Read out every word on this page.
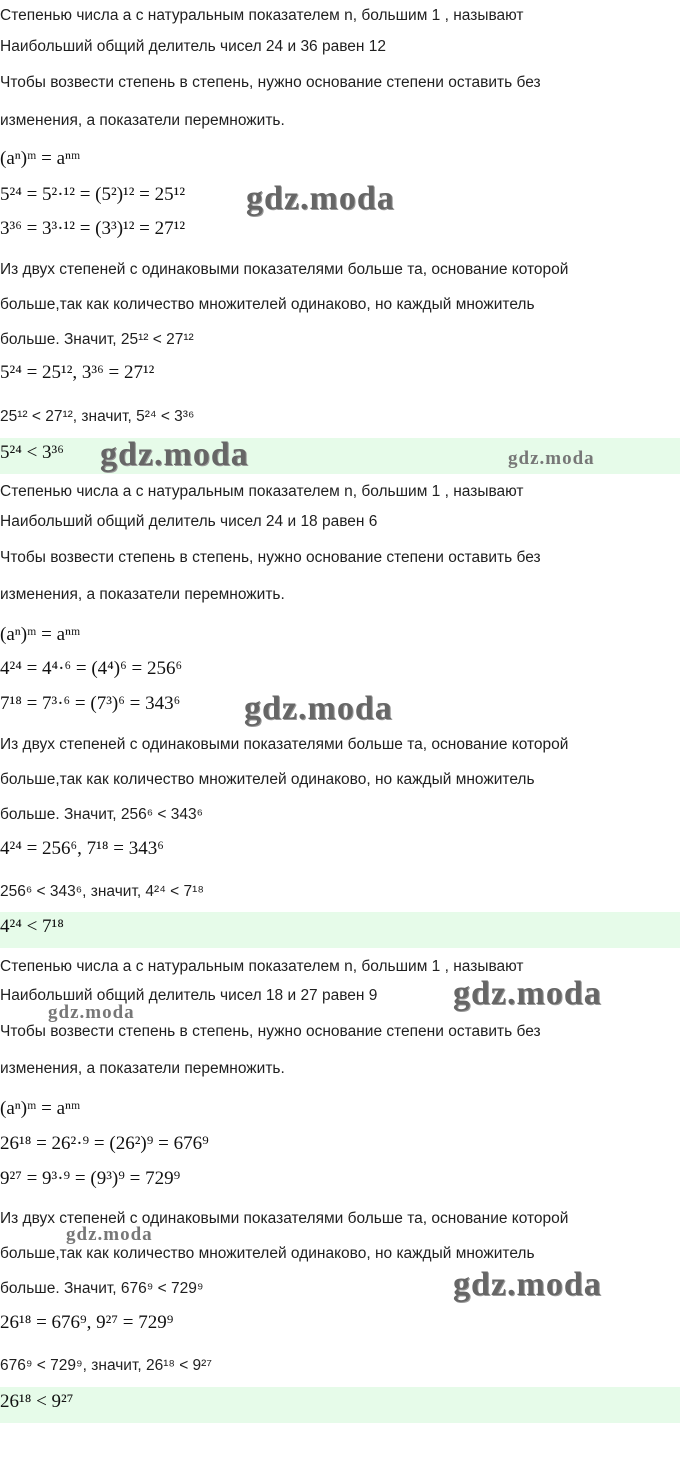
Степенью числа a с натуральным показателем n, большим 1 , называют
Наибольший общий делитель чисел 24 и 36 равен 12
Чтобы возвести степень в степень, нужно основание степени оставить без
изменения, а показатели перемножить.
(aⁿ)ᵐ = aⁿᵐ
5²⁴ = 5²·¹² = (5²)¹² = 25¹²
3³⁶ = 3³·¹² = (3³)¹² = 27¹²
Из двух степеней с одинаковыми показателями больше та, основание которой
больше,так как количество множителей одинаково, но каждый множитель
больше. Значит, 25¹² < 27¹²
5²⁴ = 25¹², 3³⁶ = 27¹²
25¹² < 27¹², значит, 5²⁴ < 3³⁶
5²⁴ < 3³⁶
Степенью числа a с натуральным показателем n, большим 1 , называют
Наибольший общий делитель чисел 24 и 18 равен 6
Чтобы возвести степень в степень, нужно основание степени оставить без
изменения, а показатели перемножить.
(aⁿ)ᵐ = aⁿᵐ
4²⁴ = 4⁴·⁶ = (4⁴)⁶ = 256⁶
7¹⁸ = 7³·⁶ = (7³)⁶ = 343⁶
Из двух степеней с одинаковыми показателями больше та, основание которой
больше,так как количество множителей одинаково, но каждый множитель
больше. Значит, 256⁶ < 343⁶
4²⁴ = 256⁶, 7¹⁸ = 343⁶
256⁶ < 343⁶, значит, 4²⁴ < 7¹⁸
4²⁴ < 7¹⁸
Степенью числа a с натуральным показателем n, большим 1 , называют
Наибольший общий делитель чисел 18 и 27 равен 9
Чтобы возвести степень в степень, нужно основание степени оставить без
изменения, а показатели перемножить.
(aⁿ)ᵐ = aⁿᵐ
26¹⁸ = 26²·⁹ = (26²)⁹ = 676⁹
9²⁷ = 9³·⁹ = (9³)⁹ = 729⁹
Из двух степеней с одинаковыми показателями больше та, основание которой
больше,так как количество множителей одинаково, но каждый множитель
больше. Значит, 676⁹ < 729⁹
26¹⁸ = 676⁹, 9²⁷ = 729⁹
676⁹ < 729⁹, значит, 26¹⁸ < 9²⁷
26¹⁸ < 9²⁷
gdz.moda
gdz.moda	gdz.moda
gdz.moda
gdz.moda
gdz.moda
gdz.moda
gdz.moda
